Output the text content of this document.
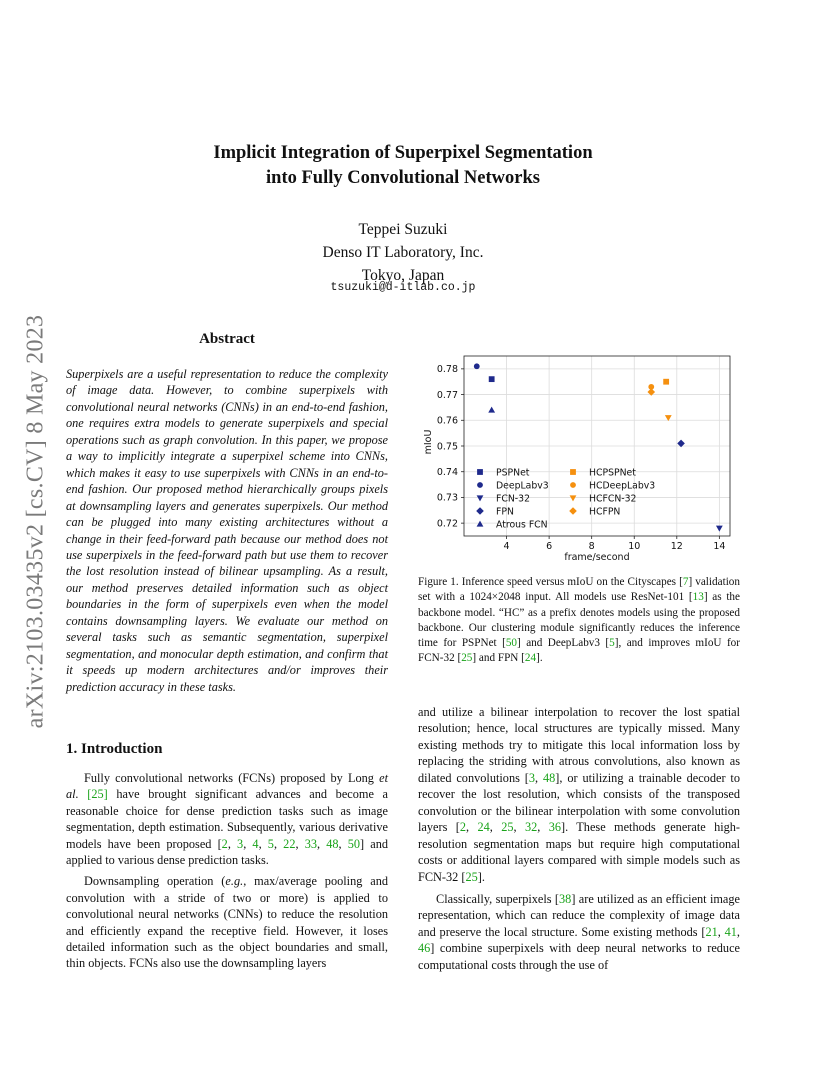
arXiv:2103.03435v2 [cs.CV] 8 May 2023
Implicit Integration of Superpixel Segmentation
into Fully Convolutional Networks
Teppei Suzuki
Denso IT Laboratory, Inc.
Tokyo, Japan
tsuzuki@d-itlab.co.jp
Abstract
Superpixels are a useful representation to reduce the complexity of image data. However, to combine superpixels with convolutional neural networks (CNNs) in an end-to-end fashion, one requires extra models to generate superpixels and special operations such as graph convolution. In this paper, we propose a way to implicitly integrate a superpixel scheme into CNNs, which makes it easy to use superpixels with CNNs in an end-to-end fashion. Our proposed method hierarchically groups pixels at downsampling layers and generates superpixels. Our method can be plugged into many existing architectures without a change in their feed-forward path because our method does not use superpixels in the feed-forward path but use them to recover the lost resolution instead of bilinear upsampling. As a result, our method preserves detailed information such as object boundaries in the form of superpixels even when the model contains downsampling layers. We evaluate our method on several tasks such as semantic segmentation, superpixel segmentation, and monocular depth estimation, and confirm that it speeds up modern architectures and/or improves their prediction accuracy in these tasks.
1. Introduction

Fully convolutional networks (FCNs) proposed by Long et al. [25] have brought significant advances and become a reasonable choice for dense prediction tasks such as image segmentation, depth estimation. Subsequently, various derivative models have been proposed [2, 3, 4, 5, 22, 33, 48, 50] and applied to various dense prediction tasks.

Downsampling operation (e.g., max/average pooling and convolution with a stride of two or more) is applied to convolutional neural networks (CNNs) to reduce the resolution and efficiently expand the receptive field. However, it loses detailed information such as the object boundaries and small, thin objects. FCNs also use the downsampling layers

4	6	8	10	12	14
0.72
0.73
0.74
0.75
0.76
0.77
0.78
PSPNet
DeepLabv3
FCN-32
FPN
Atrous FCN
HCPSPNet
HCDeepLabv3
HCFCN-32
HCFPN
frame/second
mIoU
Figure 1. Inference speed versus mIoU on the Cityscapes [7] validation set with a 1024×2048 input. All models use ResNet-101 [13] as the backbone model. “HC” as a prefix denotes models using the proposed backbone. Our clustering module significantly reduces the inference time for PSPNet [50] and DeepLabv3 [5], and improves mIoU for FCN-32 [25] and FPN [24].

and utilize a bilinear interpolation to recover the lost spatial resolution; hence, local structures are typically missed. Many existing methods try to mitigate this local information loss by replacing the striding with atrous convolutions, also known as dilated convolutions [3, 48], or utilizing a trainable decoder to recover the lost resolution, which consists of the transposed convolution or the bilinear interpolation with some convolution layers [2, 24, 25, 32, 36]. These methods generate high-resolution segmentation maps but require high computational costs or additional layers compared with simple models such as FCN-32 [25].

Classically, superpixels [38] are utilized as an efficient image representation, which can reduce the complexity of image data and preserve the local structure. Some existing methods [21, 41, 46] combine superpixels with deep neural networks to reduce computational costs through the use of
